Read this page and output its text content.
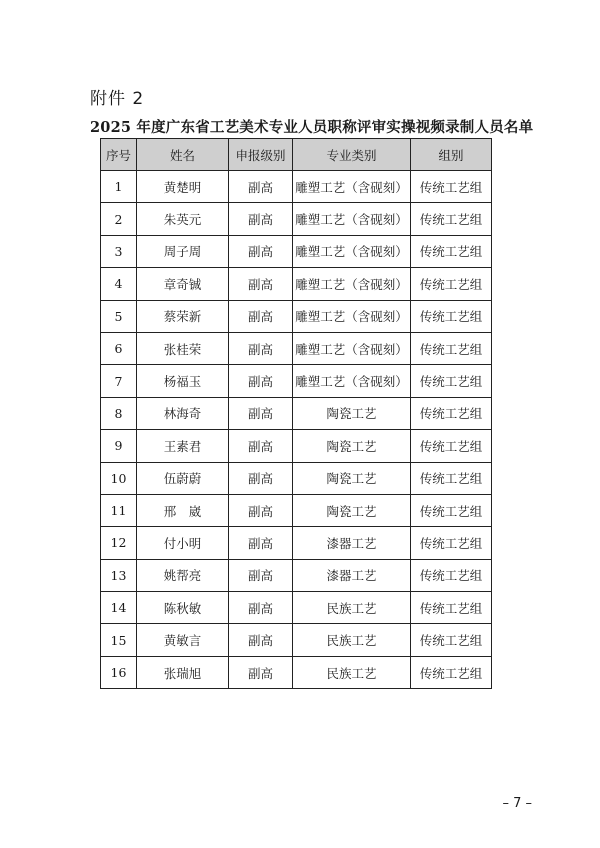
附件 2
2025 年度广东省工艺美术专业人员职称评审实操视频录制人员名单
序号	姓名	申报级别	专业类别	组别
1	黄楚明	副高	雕塑工艺（含砚刻）	传统工艺组
2	朱英元	副高	雕塑工艺（含砚刻）	传统工艺组
3	周子周	副高	雕塑工艺（含砚刻）	传统工艺组
4	章奇铖	副高	雕塑工艺（含砚刻）	传统工艺组
5	蔡荣新	副高	雕塑工艺（含砚刻）	传统工艺组
6	张桂荣	副高	雕塑工艺（含砚刻）	传统工艺组
7	杨福玉	副高	雕塑工艺（含砚刻）	传统工艺组
8	林海奇	副高	陶瓷工艺	传统工艺组
9	王素君	副高	陶瓷工艺	传统工艺组
10	伍蔚蔚	副高	陶瓷工艺	传统工艺组
11	邢　崴	副高	陶瓷工艺	传统工艺组
12	付小明	副高	漆器工艺	传统工艺组
13	姚帮亮	副高	漆器工艺	传统工艺组
14	陈秋敏	副高	民族工艺	传统工艺组
15	黄敏言	副高	民族工艺	传统工艺组
16	张瑞旭	副高	民族工艺	传统工艺组
– 7 –
